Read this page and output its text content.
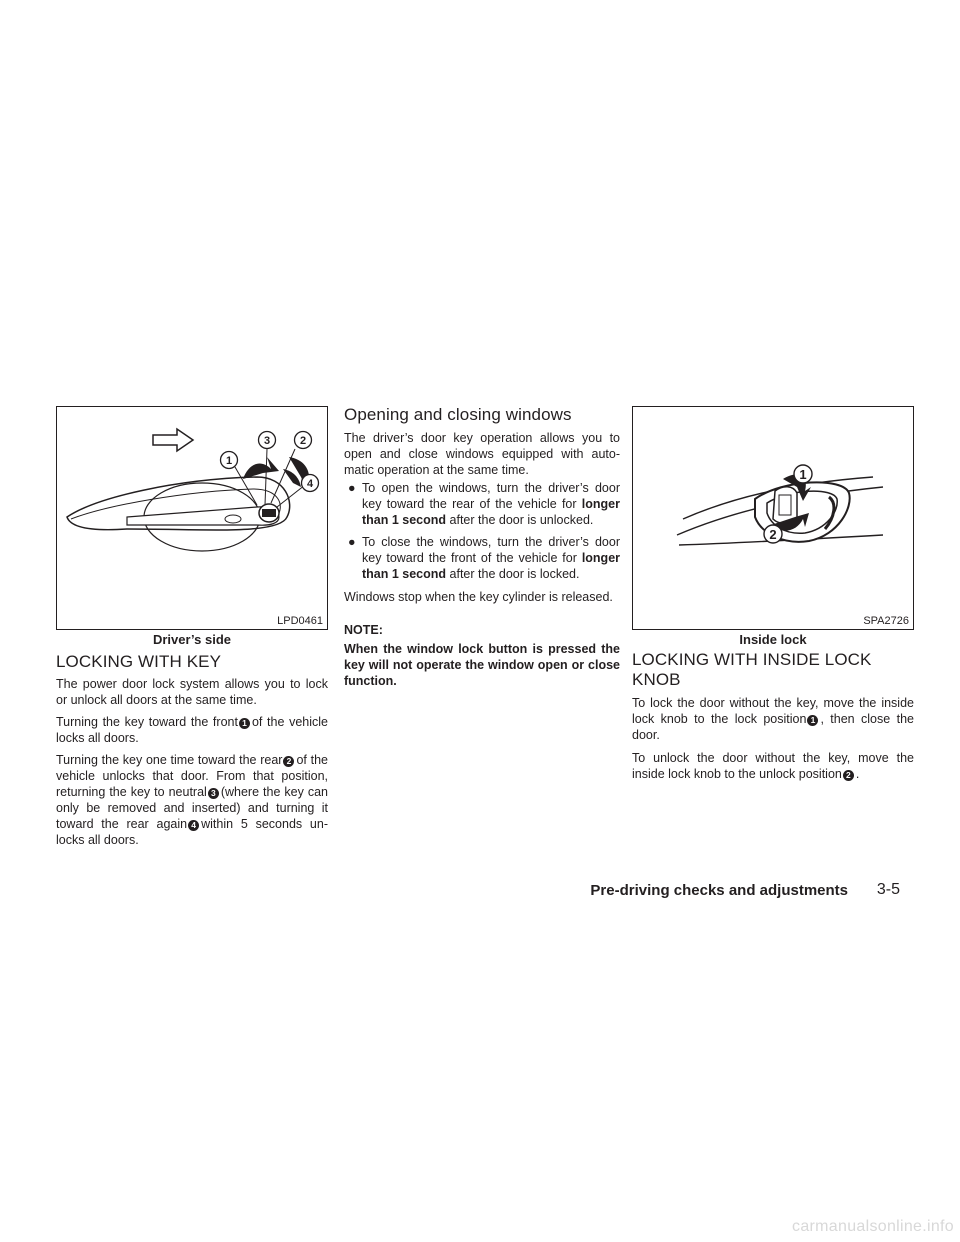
1
3	2
4
LPD0461
Driver’s side
LOCKING WITH KEY

The power door lock system allows you to lock or unlock all doors at the same time.

Turning the key toward the front 1 of the vehicle locks all doors.

Turning the key one time toward the rear 2 of the vehicle unlocks that door. From that position, returning the key to neutral 3 (where the key can only be removed and inserted) and turning it toward the rear again 4 within 5 seconds un-locks all doors.

Opening and closing windows

The driver’s door key operation allows you to open and close windows equipped with auto-matic operation at the same time.

● To open the windows, turn the driver’s door key toward the rear of the vehicle for longer than 1 second after the door is unlocked.

● To close the windows, turn the driver’s door key toward the front of the vehicle for longer than 1 second after the door is locked.

Windows stop when the key cylinder is released.

NOTE:

When the window lock button is pressed the key will not operate the window open or close function.

1
2
SPA2726
Inside lock
LOCKING WITH INSIDE LOCK
KNOB

To lock the door without the key, move the inside lock knob to the lock position 1 , then close the door.

To unlock the door without the key, move the inside lock knob to the unlock position 2 .

Pre-driving checks and adjustments 3-5
carmanualsonline.info
